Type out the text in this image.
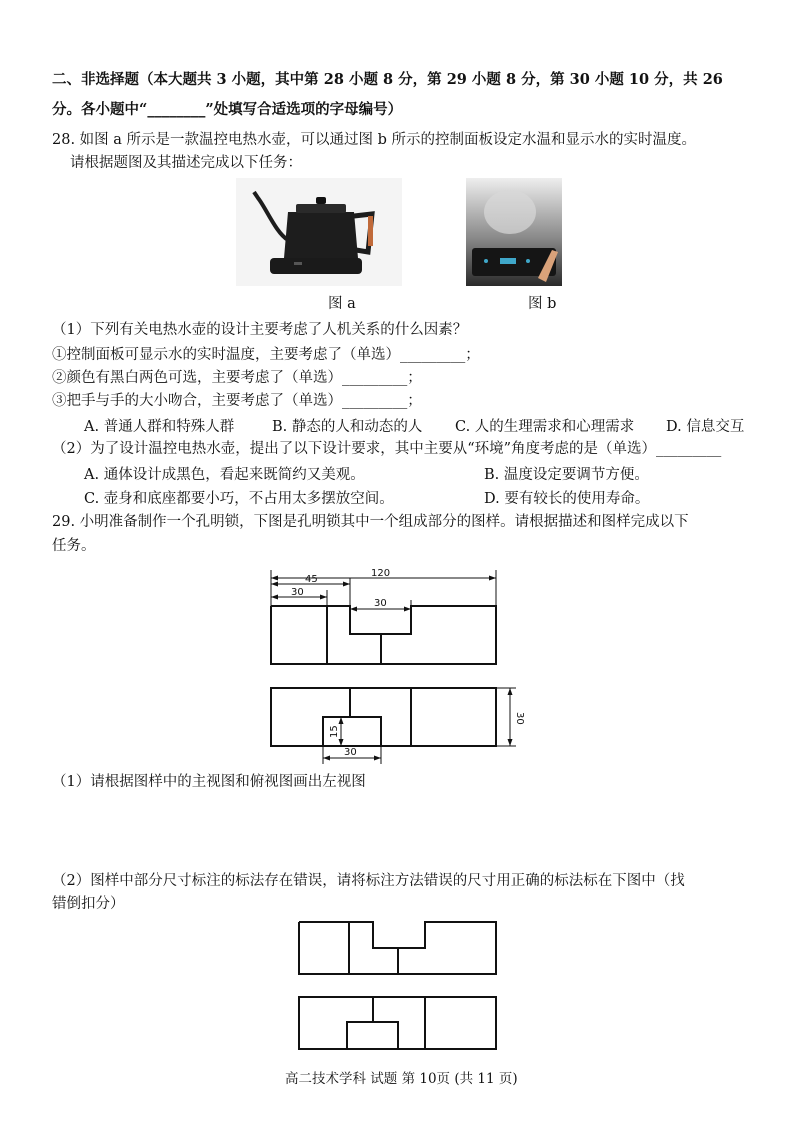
二、非选择题（本大题共 3 小题，其中第 28 小题 8 分，第 29 小题 8 分，第 30 小题 10 分，共 26
分。各小题中“________”处填写合适选项的字母编号）
28. 如图 a 所示是一款温控电热水壶，可以通过图 b 所示的控制面板设定水温和显示水的实时温度。
请根据题图及其描述完成以下任务：
图 a	图 b
（1）下列有关电热水壶的设计主要考虑了人机关系的什么因素？
①控制面板可显示水的实时温度，主要考虑了（单选）_________；
②颜色有黑白两色可选，主要考虑了（单选）_________；
③把手与手的大小吻合，主要考虑了（单选）_________；
A. 普通人群和特殊人群	B. 静态的人和动态的人 C. 人的生理需求和心理需求 D. 信息交互
（2）为了设计温控电热水壶，提出了以下设计要求，其中主要从“环境”角度考虑的是（单选）_________
A. 通体设计成黑色，看起来既简约又美观。	B. 温度设定要调节方便。
C. 壶身和底座都要小巧，不占用太多摆放空间。	D. 要有较长的使用寿命。
29. 小明准备制作一个孔明锁，下图是孔明锁其中一个组成部分的图样。请根据描述和图样完成以下
任务。
120
45
30
30
30
15
30
（1）请根据图样中的主视图和俯视图画出左视图
（2）图样中部分尺寸标注的标法存在错误，请将标注方法错误的尺寸用正确的标法标在下图中（找
错倒扣分）
高二技术学科 试题 第 10页 (共 11 页)
